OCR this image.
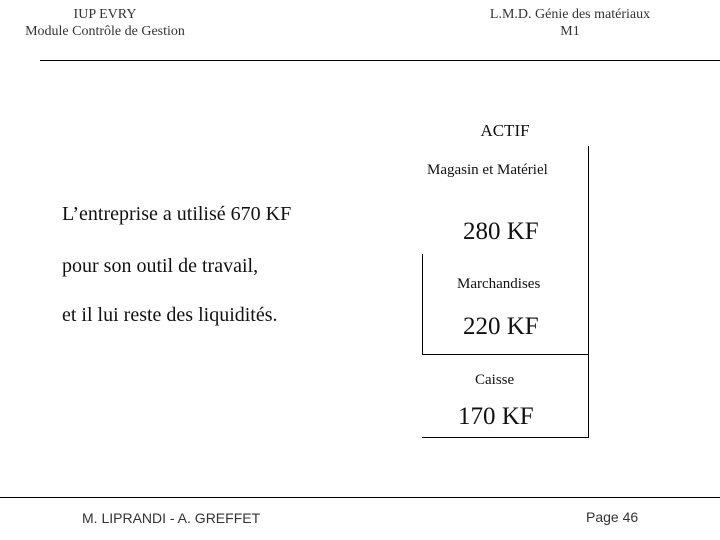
IUP EVRY
Module Contrôle de Gestion
L.M.D. Génie des matériaux
M1
ACTIF
Magasin et Matériel
280 KF
Marchandises
220 KF
Caisse
170 KF
L’entreprise a utilisé 670 KF
pour son outil de travail,
et il lui reste des liquidités.
M. LIPRANDI - A. GREFFET	Page 46
